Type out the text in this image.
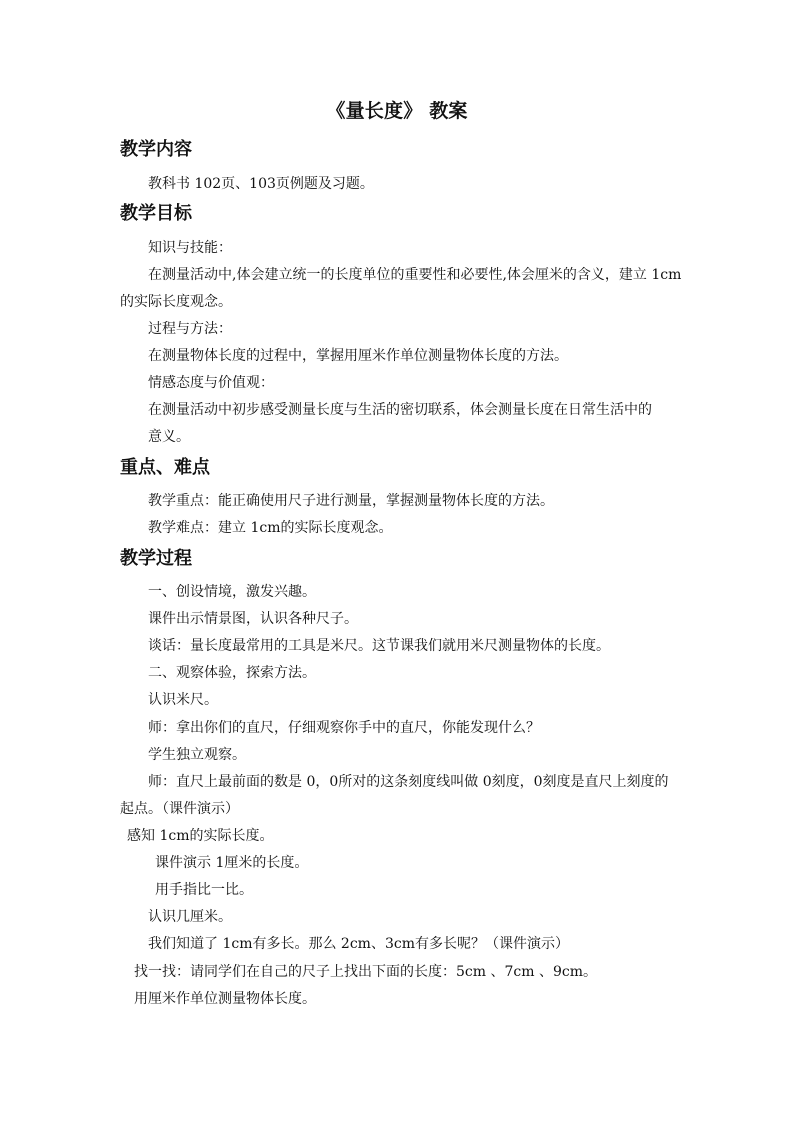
《量长度》 教案
教学内容
教科书 102页、103页例题及习题。
教学目标
知识与技能：
在测量活动中,体会建立统一的长度单位的重要性和必要性,体会厘米的含义，建立 1cm
的实际长度观念。
过程与方法：
在测量物体长度的过程中，掌握用厘米作单位测量物体长度的方法。
情感态度与价值观：
在测量活动中初步感受测量长度与生活的密切联系，体会测量长度在日常生活中的
意义。
重点、难点
教学重点：能正确使用尺子进行测量，掌握测量物体长度的方法。
教学难点：建立 1cm的实际长度观念。
教学过程
一、创设情境，激发兴趣。
课件出示情景图，认识各种尺子。
谈话：量长度最常用的工具是米尺。这节课我们就用米尺测量物体的长度。
二、观察体验，探索方法。
认识米尺。
师：拿出你们的直尺，仔细观察你手中的直尺，你能发现什么？
学生独立观察。
师：直尺上最前面的数是 0，0所对的这条刻度线叫做 0刻度，0刻度是直尺上刻度的
起点。（课件演示）
感知 1cm的实际长度。
课件演示 1厘米的长度。
用手指比一比。
认识几厘米。
我们知道了 1cm有多长。那么 2cm、3cm有多长呢？（课件演示）
找一找：请同学们在自己的尺子上找出下面的长度：5cm 、7cm 、9cm。
用厘米作单位测量物体长度。
